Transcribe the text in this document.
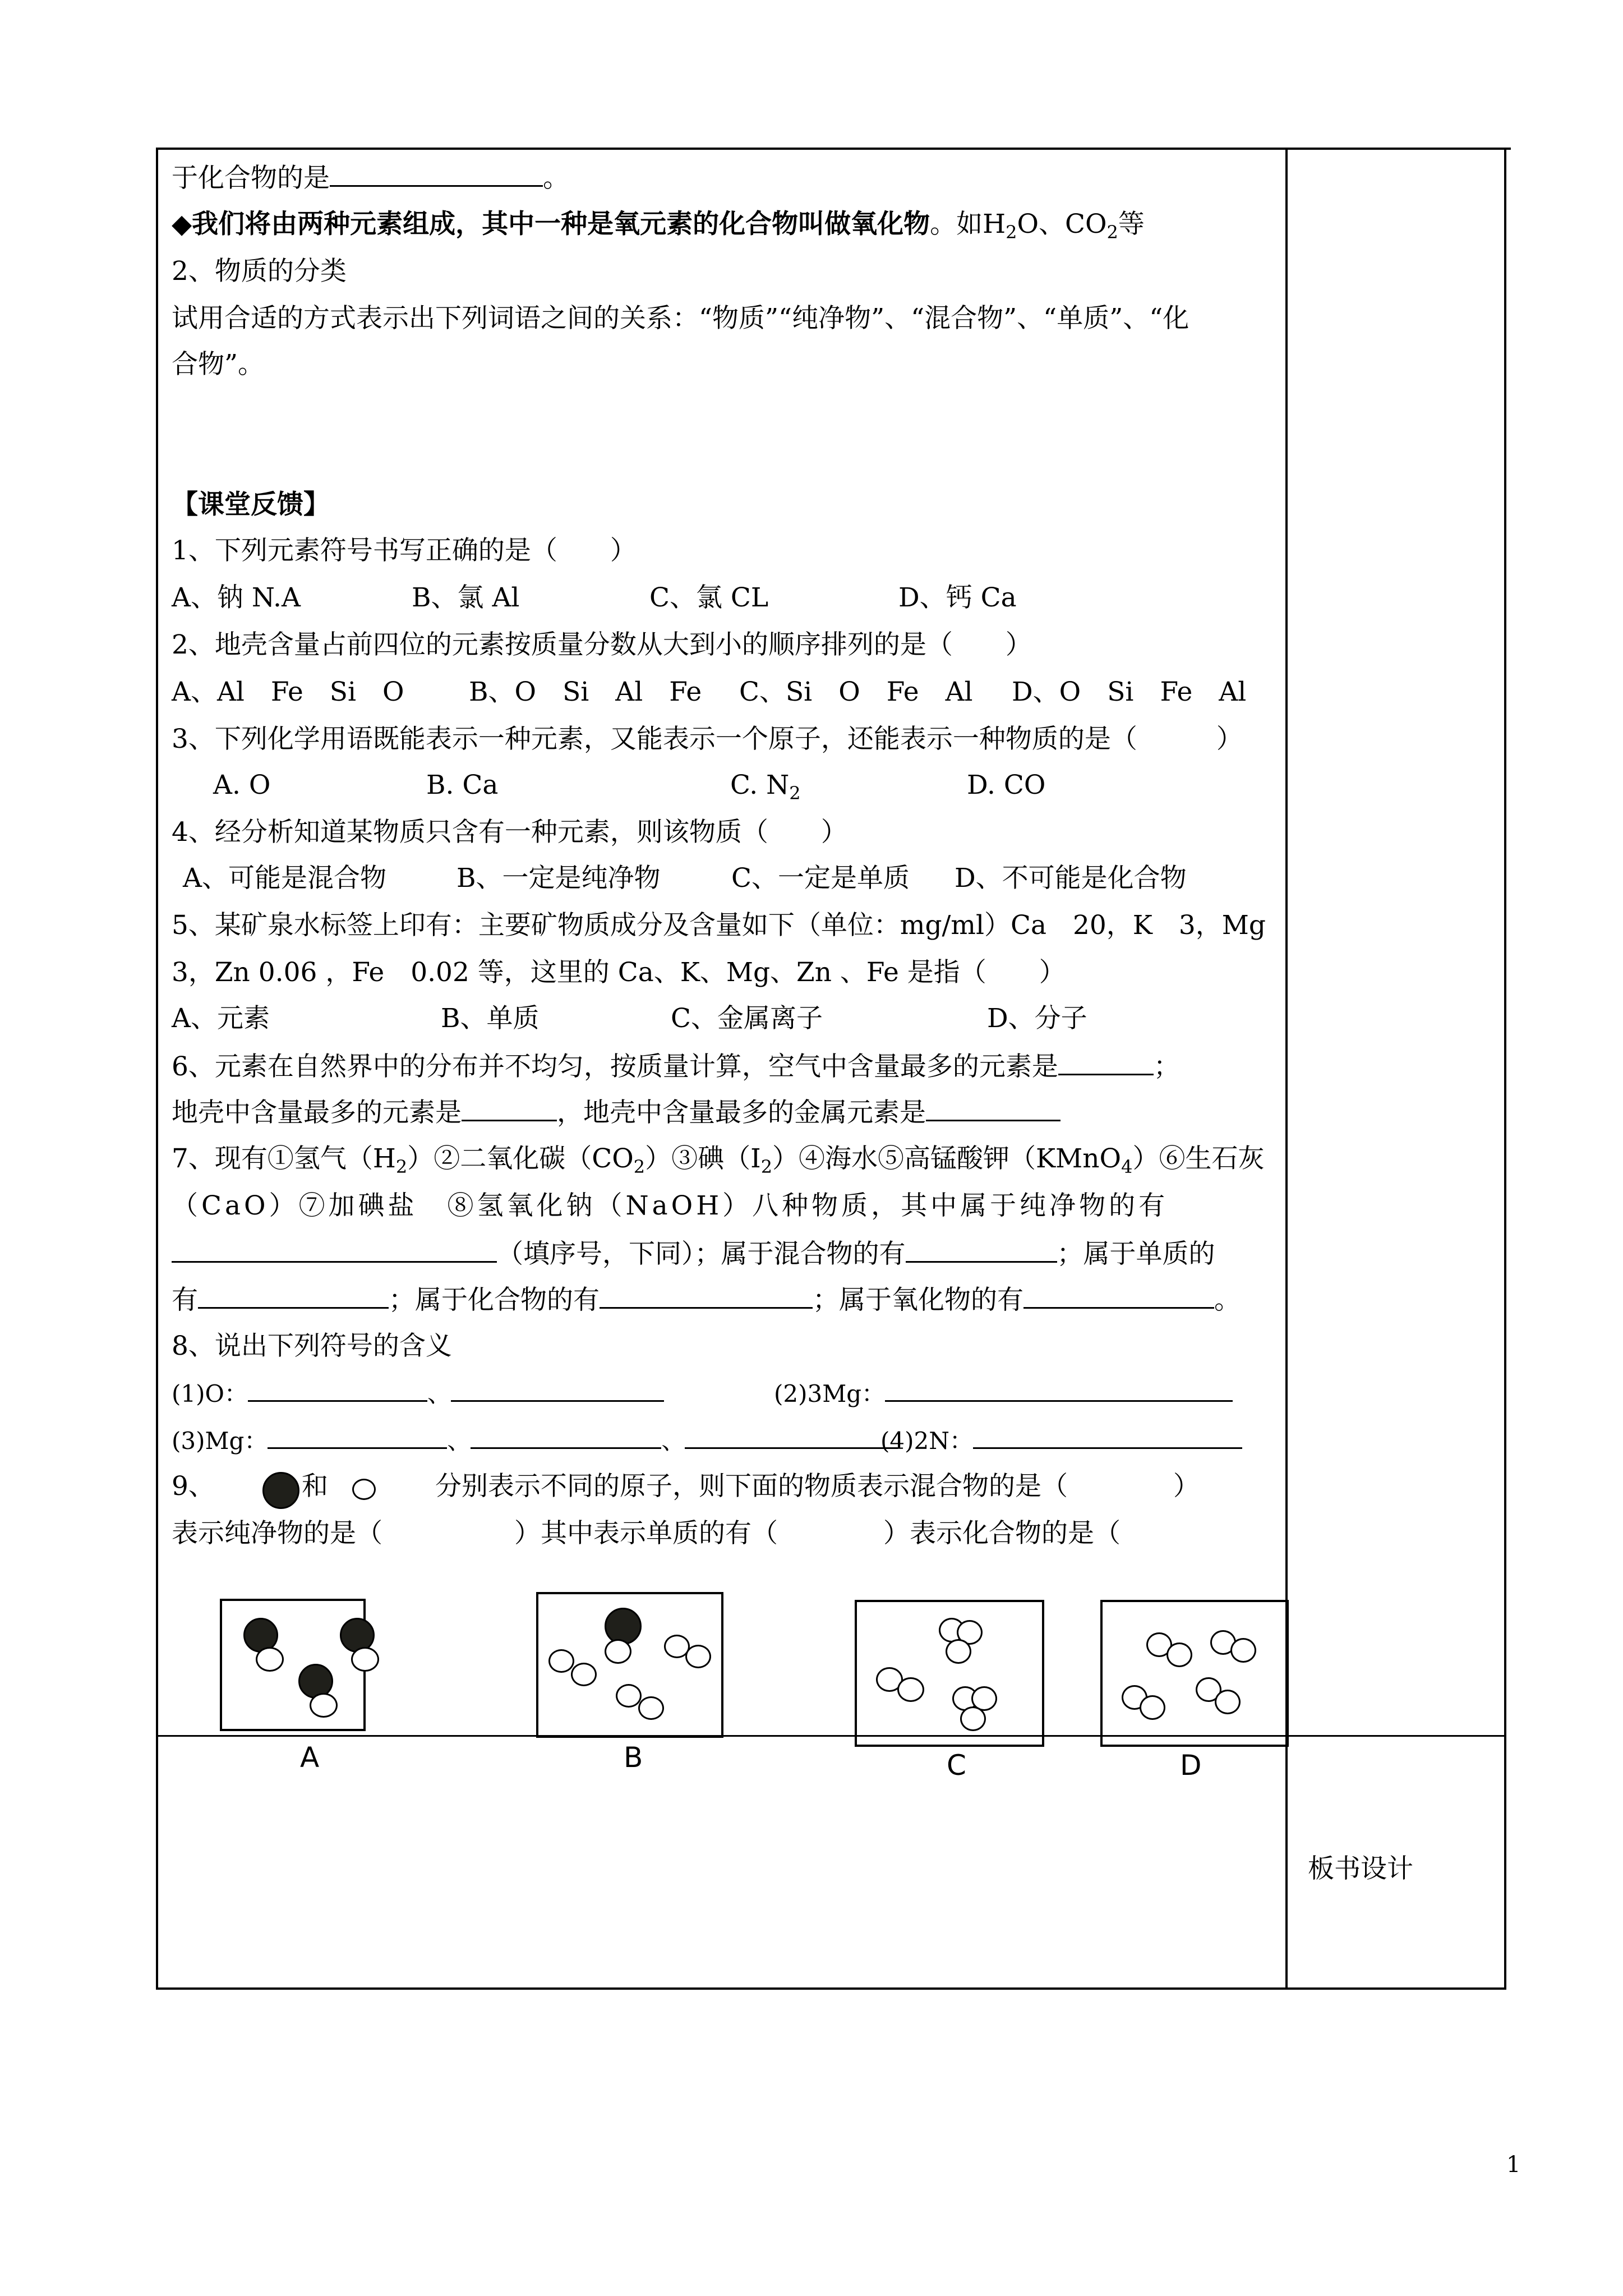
于化合物的是	。
◆我们将由两种元素组成，其中一种是氧元素的化合物叫做氧化物。如$H_2O$、$CO_2$等
2、物质的分类
试用合适的方式表示出下列词语之间的关系：“物质”“纯净物”、“混合物”、“单质”、“化
合物”。
【课堂反馈】
1、下列元素符号书写正确的是（　　）
A、钠 N.A	B、氯 Al	C、氯 CL	D、钙 Ca
2、地壳含量占前四位的元素按质量分数从大到小的顺序排列的是（　　）
A、Al　Fe　Si　O B、O　Si　Al　Fe C、Si　O　Fe　Al D、O　Si　Fe　Al
3、下列化学用语既能表示一种元素，又能表示一个原子，还能表示一种物质的是（　　　）
A. O	B. Ca	C. $N_2$	D. CO
4、经分析知道某物质只含有一种元素，则该物质（　　）
A、可能是混合物	B、一定是纯净物	C、一定是单质 D、不可能是化合物
5、某矿泉水标签上印有：主要矿物质成分及含量如下（单位：mg/ml）Ca　20，K　3，Mg
3，Zn 0.06 ，Fe　0.02 等，这里的 Ca、K、Mg、Zn 、Fe 是指（　　）
A、元素	B、单质	C、金属离子	D、分子
6、元素在自然界中的分布并不均匀，按质量计算，空气中含量最多的元素是	；
地壳中含量最多的元素是	，地壳中含量最多的金属元素是
7、现有①氢气$(H_2)②$二氧化碳$(CO_2)③$碘$(I_2)④$海水⑤高锰酸钾（KMnO$_4$）⑥生石灰
（CaO）⑦加碘盐　⑧氢氧化钠（NaOH）八种物质，其中属于纯净物的有
（填序号，下同）；属于混合物的有	；属于单质的
有	；属于化合物的有	；属于氧化物的有	。
8、说出下列符号的含义
(1)O：	、	(2)3Mg：
(3)Mg：	、	、	(4)2N：
9、	和	分别表示不同的原子，则下面的物质表示混合物的是（　　　　）
表示纯净物的是（　　　　　）其中表示单质的有（　　　　）表示化合物的是（
A	B	C	D
板书设计
1
